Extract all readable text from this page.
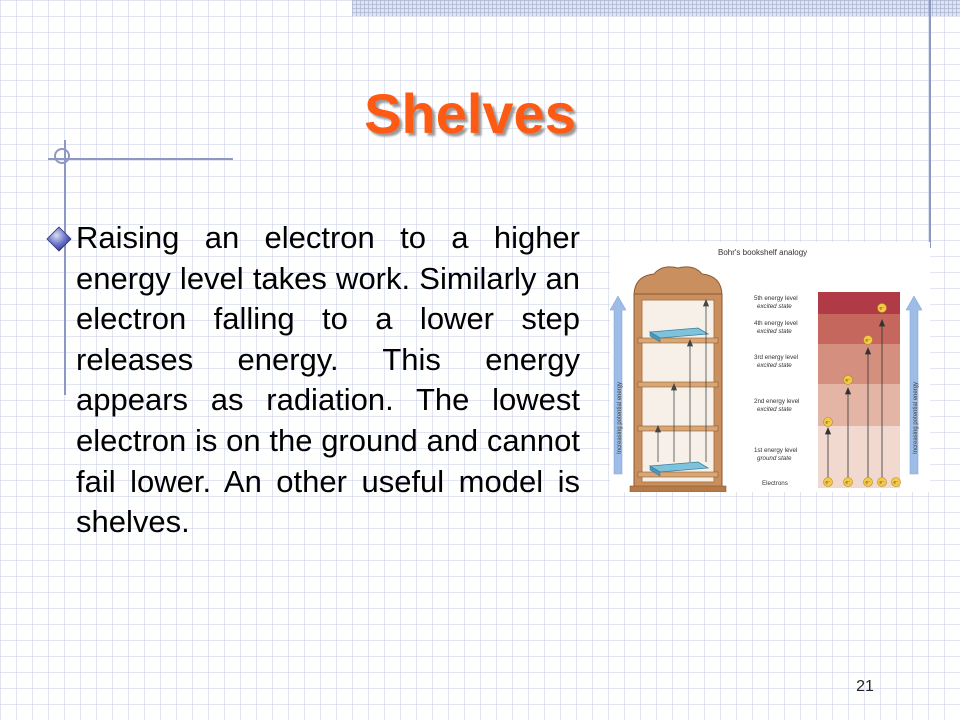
Shelves

Raising an electron to a higher energy level takes work. Similarly an electron falling to a lower step releases energy. This energy appears as radiation. The lowest electron is on the ground and cannot fail lower. An other useful model is shelves.

Bohr's bookshelf analogy
Increasing potential energy
5th energy level
excited state
4th energy level
excited state
3rd energy level
excited state
2nd energy level
excited state
1st energy level
ground state
Electrons	e⁻	e⁻	e⁻ e⁻ e⁻
e⁻
e⁻
e⁻
e⁻
Increasing potential energy
21
